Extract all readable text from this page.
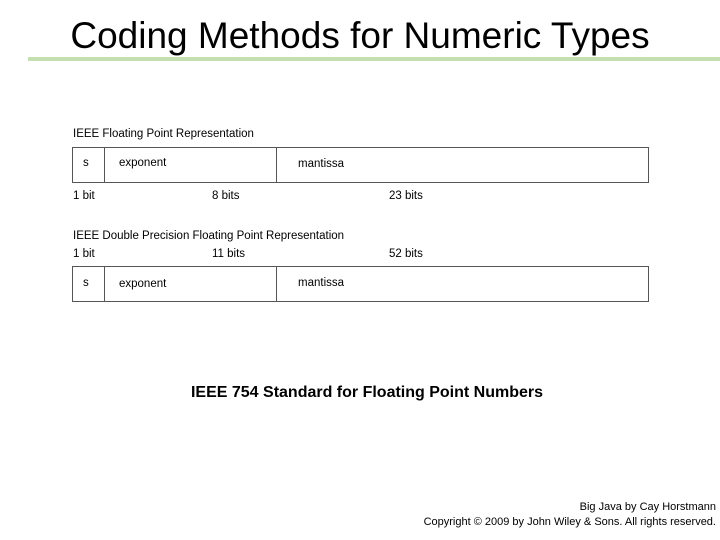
Coding Methods for Numeric Types
IEEE Floating Point Representation
s	exponent	mantissa
1 bit	8 bits	23 bits
IEEE Double Precision Floating Point Representation
1 bit	11 bits	52 bits
s	exponent	mantissa
IEEE 754 Standard for Floating Point Numbers
Big Java by Cay Horstmann
Copyright © 2009 by John Wiley & Sons. All rights reserved.
